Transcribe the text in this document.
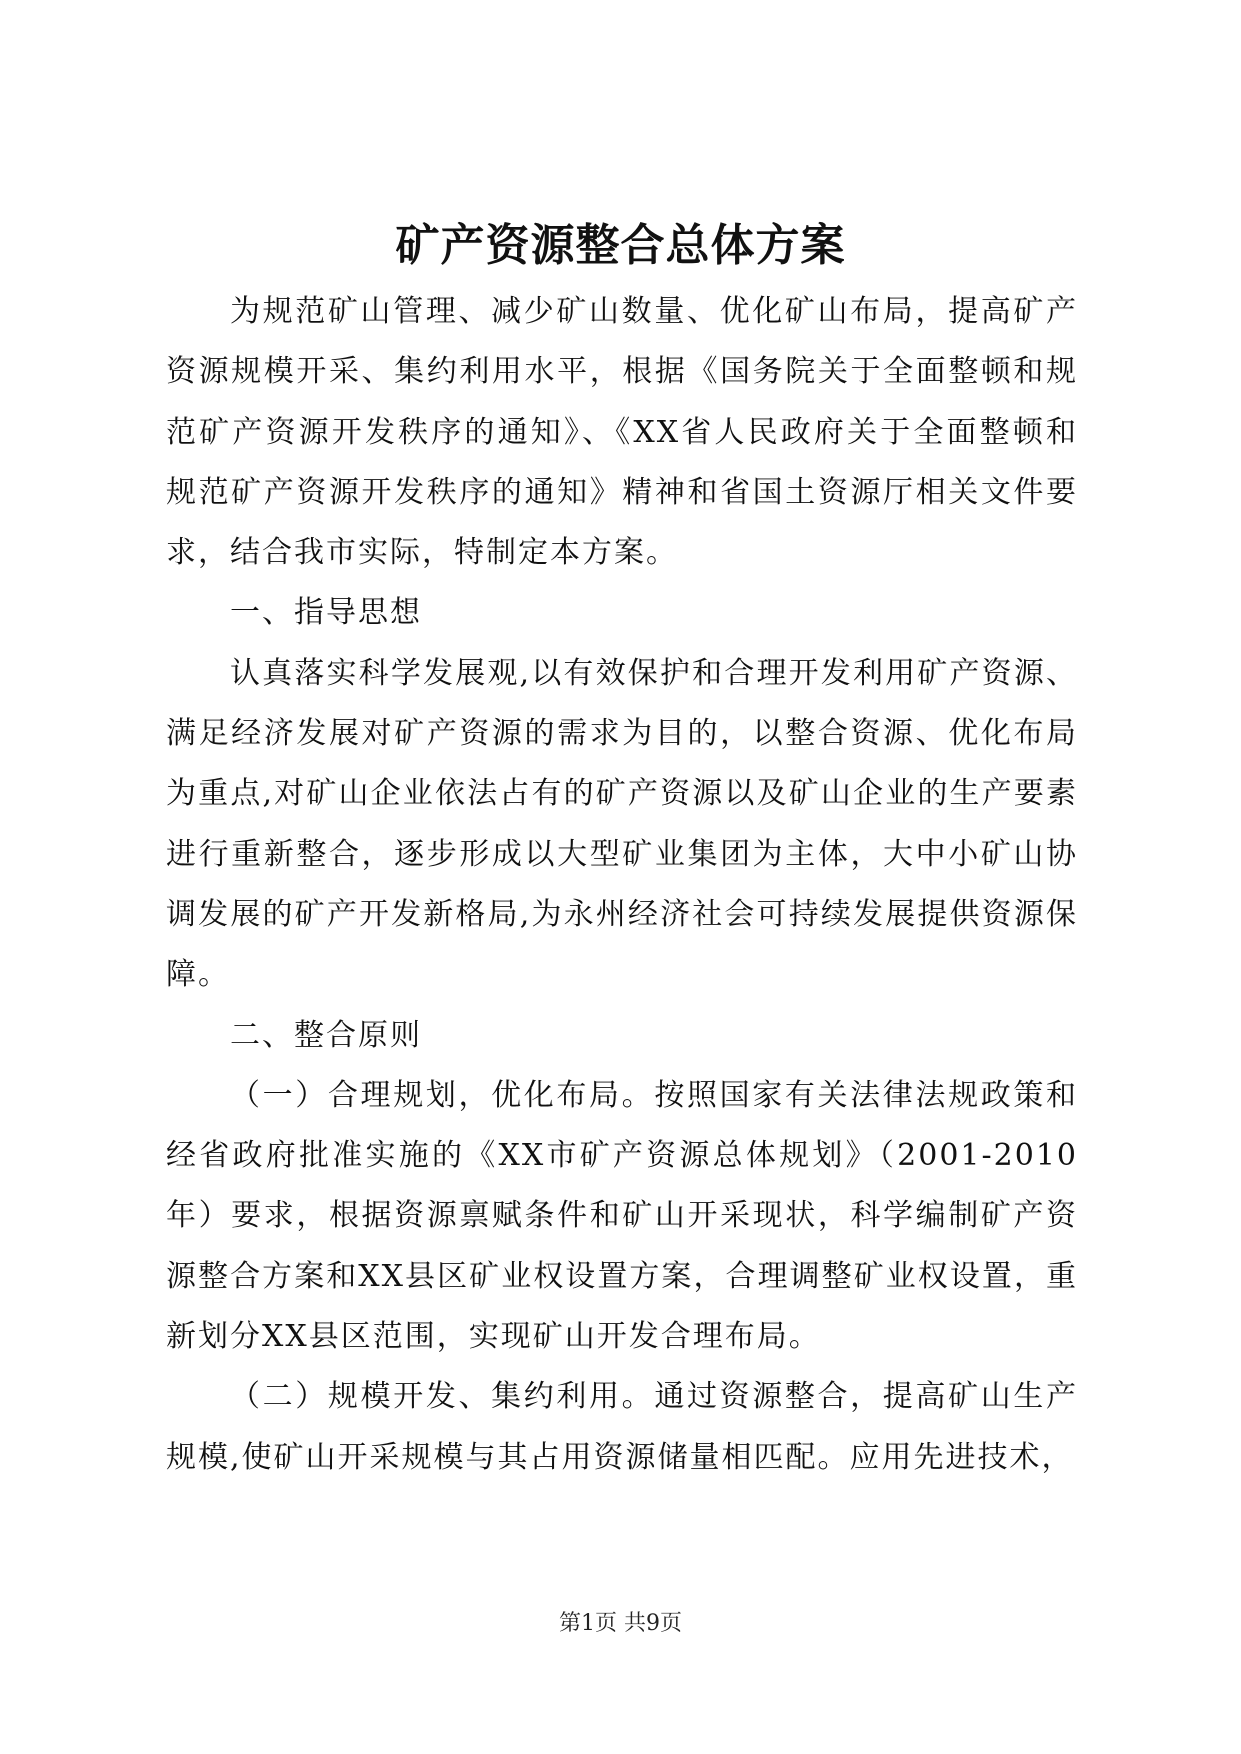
矿产资源整合总体方案

为规范矿山管理、减少矿山数量、优化矿山布局，提高矿产资源规模开采、集约利用水平，根据《国务院关于全面整顿和规范矿产资源开发秩序的通知》、《XX省人民政府关于全面整顿和规范矿产资源开发秩序的通知》精神和省国土资源厅相关文件要求，结合我市实际，特制定本方案。

一、指导思想

认真落实科学发展观,以有效保护和合理开发利用矿产资源、满足经济发展对矿产资源的需求为目的，以整合资源、优化布局为重点,对矿山企业依法占有的矿产资源以及矿山企业的生产要素进行重新整合，逐步形成以大型矿业集团为主体，大中小矿山协调发展的矿产开发新格局,为永州经济社会可持续发展提供资源保障。

二、整合原则

（一）合理规划，优化布局。按照国家有关法律法规政策和经省政府批准实施的《XX市矿产资源总体规划》（2001-2010年）要求，根据资源禀赋条件和矿山开采现状，科学编制矿产资源整合方案和XX县区矿业权设置方案，合理调整矿业权设置，重新划分XX县区范围，实现矿山开发合理布局。

（二）规模开发、集约利用。通过资源整合，提高矿山生产规模,使矿山开采规模与其占用资源储量相匹配。应用先进技术，

第1页 共9页
